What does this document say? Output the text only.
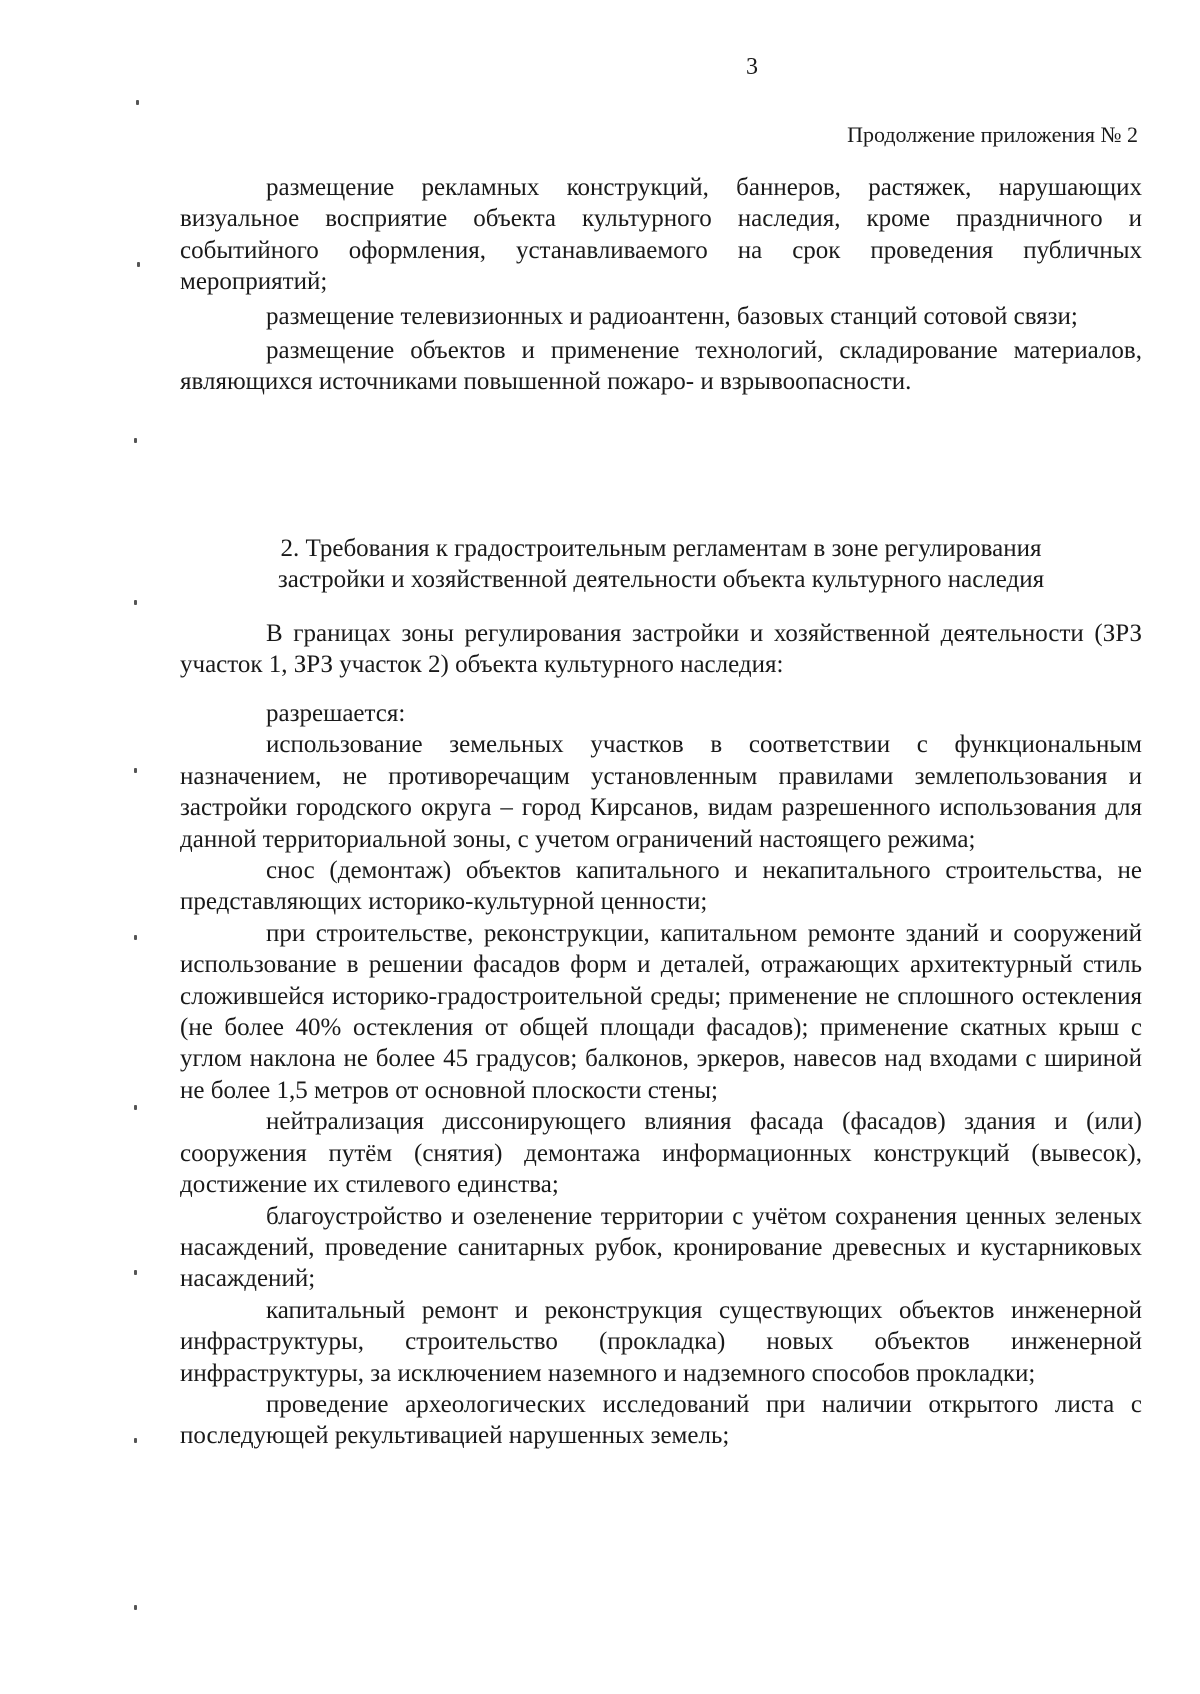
3
Продолжение приложения № 2

размещение рекламных конструкций, баннеров, растяжек, нарушающих визуальное восприятие объекта культурного наследия, кроме праздничного и событийного оформления, устанавливаемого на срок проведения публичных мероприятий;

размещение телевизионных и радиоантенн, базовых станций сотовой связи;

размещение объектов и применение технологий, складирование материалов, являющихся источниками повышенной пожаро- и взрывоопасности.

2. Требования к градостроительным регламентам в зоне регулирования

застройки и хозяйственной деятельности объекта культурного наследия

В границах зоны регулирования застройки и хозяйственной деятельности (ЗРЗ участок 1, ЗРЗ участок 2) объекта культурного наследия:

разрешается:

использование земельных участков в соответствии с функциональным назначением, не противоречащим установленным правилами землепользования и застройки городского округа – город Кирсанов, видам разрешенного использования для данной территориальной зоны, с учетом ограничений настоящего режима;

снос (демонтаж) объектов капитального и некапитального строительства, не представляющих историко-культурной ценности;

при строительстве, реконструкции, капитальном ремонте зданий и сооружений использование в решении фасадов форм и деталей, отражающих архитектурный стиль сложившейся историко-градостроительной среды; применение не сплошного остекления (не более 40% остекления от общей площади фасадов); применение скатных крыш с углом наклона не более 45 градусов; балконов, эркеров, навесов над входами с шириной не более 1,5 метров от основной плоскости стены;

нейтрализация диссонирующего влияния фасада (фасадов) здания и (или) сооружения путём (снятия) демонтажа информационных конструкций (вывесок), достижение их стилевого единства;

благоустройство и озеленение территории с учётом сохранения ценных зеленых насаждений, проведение санитарных рубок, кронирование древесных и кустарниковых насаждений;

капитальный ремонт и реконструкция существующих объектов инженерной инфраструктуры, строительство (прокладка) новых объектов инженерной инфраструктуры, за исключением наземного и надземного способов прокладки;

проведение археологических исследований при наличии открытого листа с последующей рекультивацией нарушенных земель;
